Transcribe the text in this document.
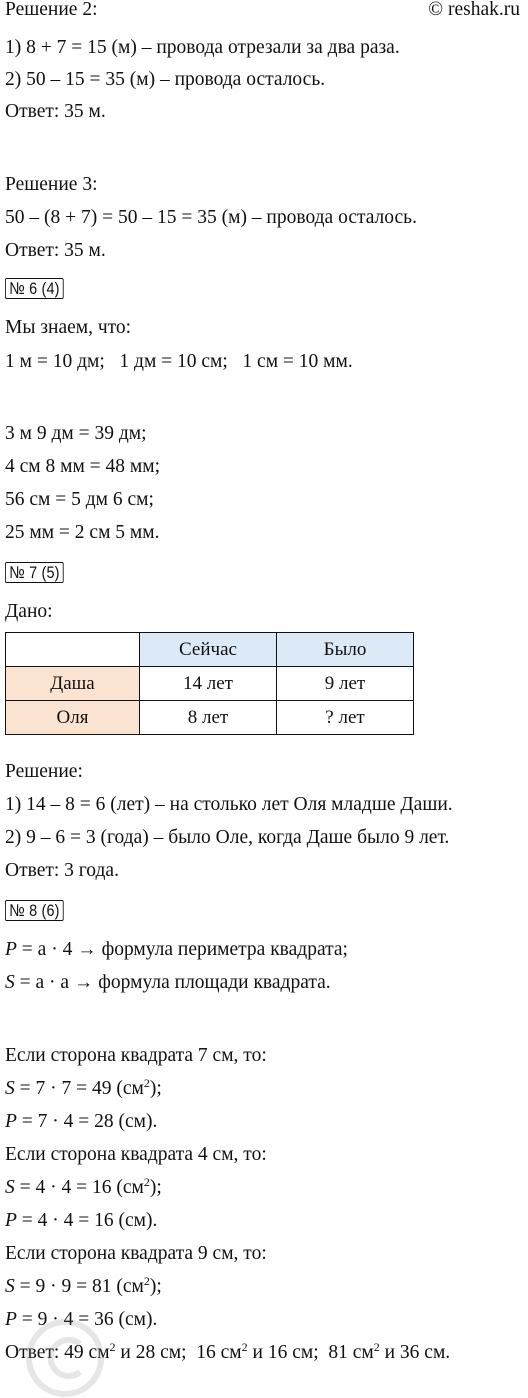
Решение 2:	© reshak.ru
1) 8 + 7 = 15 (м) – провода отрезали за два раза.
2) 50 – 15 = 35 (м) – провода осталось.
Ответ: 35 м.
Решение 3:
50 – (8 + 7) = 50 – 15 = 35 (м) – провода осталось.
Ответ: 35 м.
№ 6 (4)
Мы знаем, что:
1 м = 10 дм;   1 дм = 10 см;   1 см = 10 мм.
3 м 9 дм = 39 дм;
4 см 8 мм = 48 мм;
56 см = 5 дм 6 см;
25 мм = 2 см 5 мм.
№ 7 (5)
Дано:
	Сейчас	Было
Даша	14 лет	9 лет
Оля	8 лет	? лет
Решение:
1) 14 – 8 = 6 (лет) – на столько лет Оля младше Даши.
2) 9 – 6 = 3 (года) – было Оле, когда Даше было 9 лет.
Ответ: 3 года.
№ 8 (6)
P = a · 4 → формула периметра квадрата;
S = a · a → формула площади квадрата.
Если сторона квадрата 7 см, то:
S = 7 · 7 = 49 $(см^2)$;
P = 7 · 4 = 28 (см).
Если сторона квадрата 4 см, то:
S = 4 · 4 = 16 $(см^2)$;
P = 4 · 4 = 16 (см).
Если сторона квадрата 9 см, то:
S = 9 · 9 = 81 $(см^2)$;
P = 9 · 4 = 36 (см).
Ответ: 49 $см^2$ и 28 см;  16 $см^2$ и 16 см;  81 $см^2$ и 36 см.
